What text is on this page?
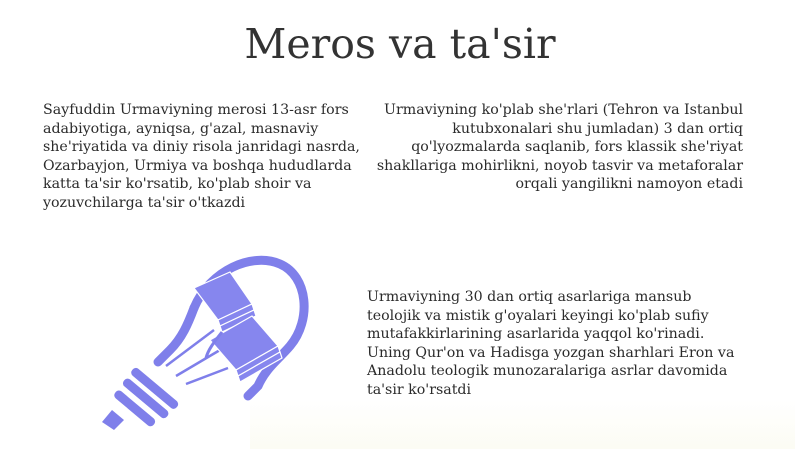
Meros va ta'sir

Sayfuddin Urmaviyning merosi 13-asr fors adabiyotiga, ayniqsa, g'azal, masnaviy she'riyatida va diniy risola janridagi nasrda, Ozarbayjon, Urmiya va boshqa hududlarda katta ta'sir ko'rsatib, ko'plab shoir va yozuvchilarga ta'sir o'tkazdi

Urmaviyning ko'plab she'rlari (Tehron va Istanbul kutubxonalari shu jumladan) 3 dan ortiq qo'lyozmalarda saqlanib, fors klassik she'riyat shakllariga mohirlikni, noyob tasvir va metaforalar orqali yangilikni namoyon etadi

Urmaviyning 30 dan ortiq asarlariga mansub teolojik va mistik g'oyalari keyingi ko'plab sufiy mutafakkirlarining asarlarida yaqqol ko'rinadi. Uning Qur'on va Hadisga yozgan sharhlari Eron va Anadolu teologik munozaralariga asrlar davomida ta'sir ko'rsatdi
